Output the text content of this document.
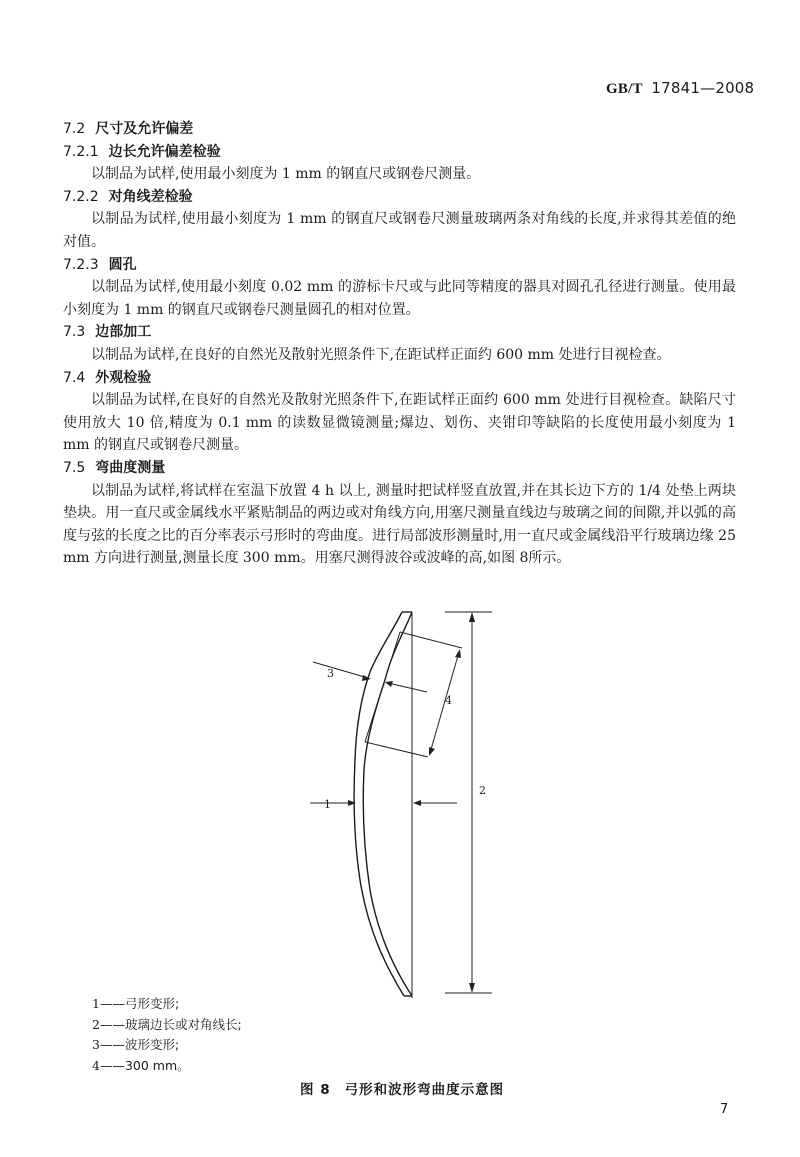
GB/T 17841—2008
7.2 尺寸及允许偏差
7.2.1 边长允许偏差检验
以制品为试样,使用最小刻度为 1 mm 的钢直尺或钢卷尺测量。
7.2.2 对角线差检验
以制品为试样,使用最小刻度为 1 mm 的钢直尺或钢卷尺测量玻璃两条对角线的长度,并求得其差值的绝对值。
7.2.3 圆孔
以制品为试样,使用最小刻度 0.02 mm 的游标卡尺或与此同等精度的器具对圆孔孔径进行测量。使用最小刻度为 1 mm 的钢直尺或钢卷尺测量圆孔的相对位置。
7.3 边部加工
以制品为试样,在良好的自然光及散射光照条件下,在距试样正面约 600 mm 处进行目视检查。
7.4 外观检验
以制品为试样,在良好的自然光及散射光照条件下,在距试样正面约 600 mm 处进行目视检查。缺陷尺寸使用放大 10 倍,精度为 0.1 mm 的读数显微镜测量;爆边、划伤、夹钳印等缺陷的长度使用最小刻度为 1 mm 的钢直尺或钢卷尺测量。
7.5 弯曲度测量
以制品为试样,将试样在室温下放置 4 h 以上, 测量时把试样竖直放置,并在其长边下方的 1/4 处垫上两块垫块。用一直尺或金属线水平紧贴制品的两边或对角线方向,用塞尺测量直线边与玻璃之间的间隙,并以弧的高度与弦的长度之比的百分率表示弓形时的弯曲度。进行局部波形测量时,用一直尺或金属线沿平行玻璃边缘 25 mm 方向进行测量,测量长度 300 mm。用塞尺测得波谷或波峰的高,如图 8所示。
1
2
3
4
1——弓形变形;
2——玻璃边长或对角线长;
3——波形变形;
4——300 mm。
图 8 弓形和波形弯曲度示意图
7
